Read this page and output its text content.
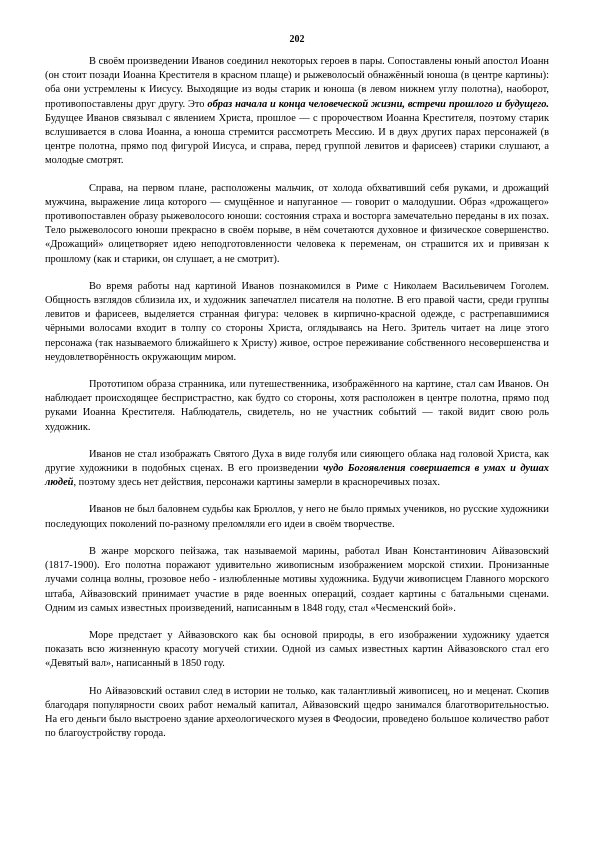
202

В своём произведении Иванов соединил некоторых героев в пары. Сопоставлены юный апостол Иоанн (он стоит позади Иоанна Крестителя в красном плаще) и рыжеволосый обнажённый юноша (в центре картины): оба они устремлены к Иисусу. Выходящие из воды старик и юноша (в левом нижнем углу полотна), наоборот, противопоставлены друг другу. Это образ начала и конца человеческой жизни, встречи прошлого и будущего. Будущее Иванов связывал с явлением Христа, прошлое — с пророчеством Иоанна Крестителя, поэтому старик вслушивается в слова Иоанна, а юноша стремится рассмотреть Мессию. И в двух других парах персонажей (в центре полотна, прямо под фигурой Иисуса, и справа, перед группой левитов и фарисеев) старики слушают, а молодые смотрят.

Справа, на первом плане, расположены мальчик, от холода обхвативший себя руками, и дрожащий мужчина, выражение лица которого — смущённое и напуганное — говорит о малодушии. Образ «дрожащего» противопоставлен образу рыжеволосого юноши: состояния страха и восторга замечательно переданы в их позах. Тело рыжеволосого юноши прекрасно в своём порыве, в нём сочетаются духовное и физическое совершенство. «Дрожащий» олицетворяет идею неподготовленности человека к переменам, он страшится их и привязан к прошлому (как и старики, он слушает, а не смотрит).

Во время работы над картиной Иванов познакомился в Риме с Николаем Васильевичем Гоголем. Общность взглядов сблизила их, и художник запечатлел писателя на полотне. В его правой части, среди группы левитов и фарисеев, выделяется странная фигура: человек в кирпично-красной одежде, с растрепавшимися чёрными волосами входит в толпу со стороны Христа, оглядываясь на Него. Зритель читает на лице этого персонажа (так называемого ближайшего к Христу) живое, острое переживание собственного несовершенства и неудовлетворённость окружающим миром.

Прототипом образа странника, или путешественника, изображённого на картине, стал сам Иванов. Он наблюдает происходящее беспристрастно, как будто со стороны, хотя расположен в центре полотна, прямо под руками Иоанна Крестителя. Наблюдатель, свидетель, но не участник событий — такой видит свою роль художник.

Иванов не стал изображать Святого Духа в виде голубя или сияющего облака над головой Христа, как другие художники в подобных сценах. В его произведении чудо Богоявления совершается в умах и душах людей, поэтому здесь нет действия, персонажи картины замерли в красноречивых позах.

Иванов не был баловнем судьбы как Брюллов, у него не было прямых учеников, но русские художники последующих поколений по-разному преломляли его идеи в своём творчестве.

В жанре морского пейзажа, так называемой марины, работал Иван Константинович Айвазовский (1817-1900). Его полотна поражают удивительно живописным изображением морской стихии. Пронизанные лучами солнца волны, грозовое небо - излюбленные мотивы художника. Будучи живописцем Главного морского штаба, Айвазовский принимает участие в ряде военных операций, создает картины с батальными сценами. Одним из самых известных произведений, написанным в 1848 году, стал «Чесменский бой».

Море предстает у Айвазовского как бы основой природы, в его изображении художнику удается показать всю жизненную красоту могучей стихии. Одной из самых известных картин Айвазовского стал его «Девятый вал», написанный в 1850 году.

Но Айвазовский оставил след в истории не только, как талантливый живописец, но и меценат. Скопив благодаря популярности своих работ немалый капитал, Айвазовский щедро занимался благотворительностью. На его деньги было выстроено здание археологического музея в Феодосии, проведено большое количество работ по благоустройству города.
